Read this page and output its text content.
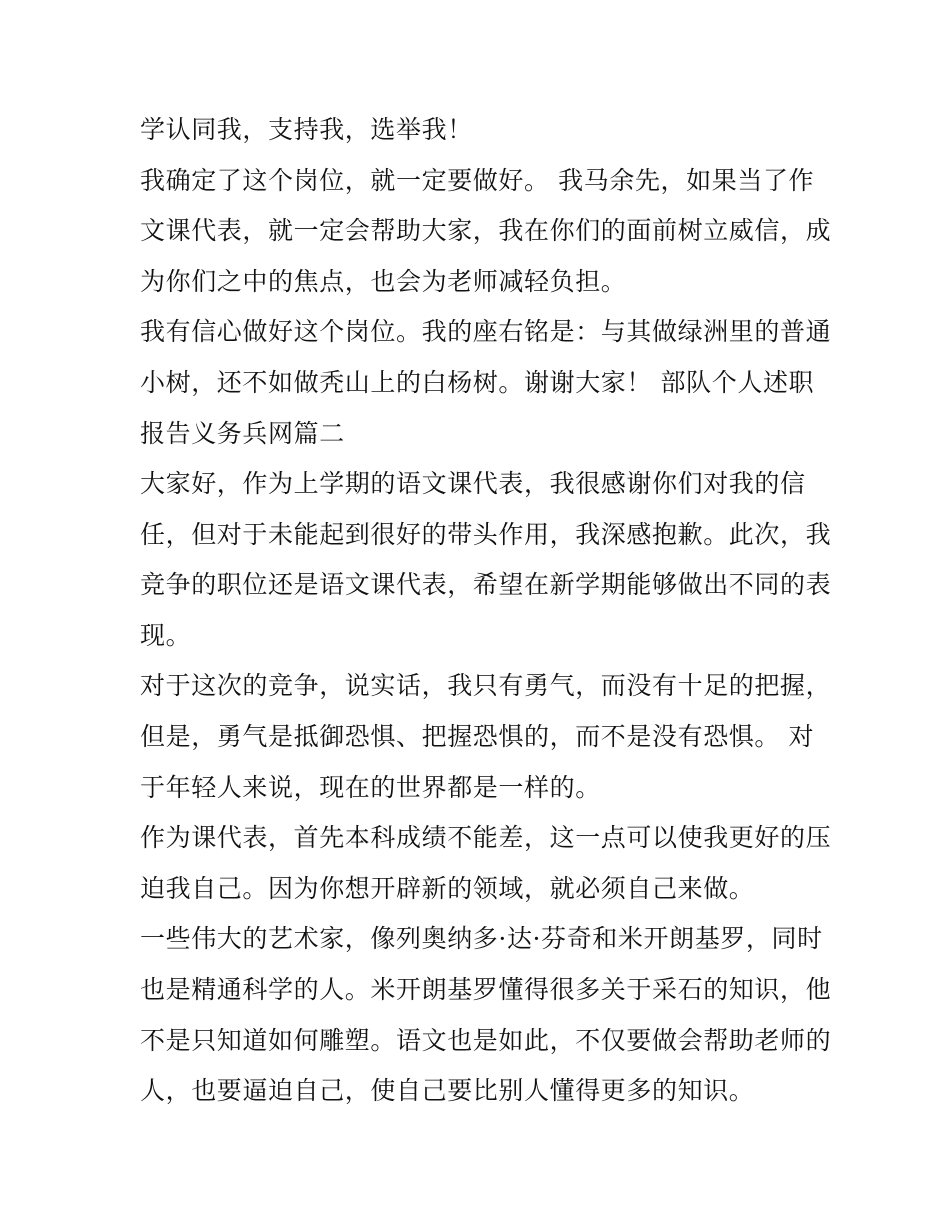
学认同我，支持我，选举我！
我确定了这个岗位，就一定要做好。 我马余先，如果当了作
文课代表，就一定会帮助大家，我在你们的面前树立威信，成
为你们之中的焦点，也会为老师减轻负担。
我有信心做好这个岗位。我的座右铭是：与其做绿洲里的普通
小树，还不如做秃山上的白杨树。谢谢大家！ 部队个人述职
报告义务兵网篇二
大家好，作为上学期的语文课代表，我很感谢你们对我的信
任，但对于未能起到很好的带头作用，我深感抱歉。此次，我
竞争的职位还是语文课代表，希望在新学期能够做出不同的表
现。
对于这次的竞争，说实话，我只有勇气，而没有十足的把握，
但是，勇气是抵御恐惧、把握恐惧的，而不是没有恐惧。 对
于年轻人来说，现在的世界都是一样的。
作为课代表，首先本科成绩不能差，这一点可以使我更好的压
迫我自己。因为你想开辟新的领域，就必须自己来做。
一些伟大的艺术家，像列奥纳多·达·芬奇和米开朗基罗，同时
也是精通科学的人。米开朗基罗懂得很多关于采石的知识，他
不是只知道如何雕塑。语文也是如此，不仅要做会帮助老师的
人，也要逼迫自己，使自己要比别人懂得更多的知识。
